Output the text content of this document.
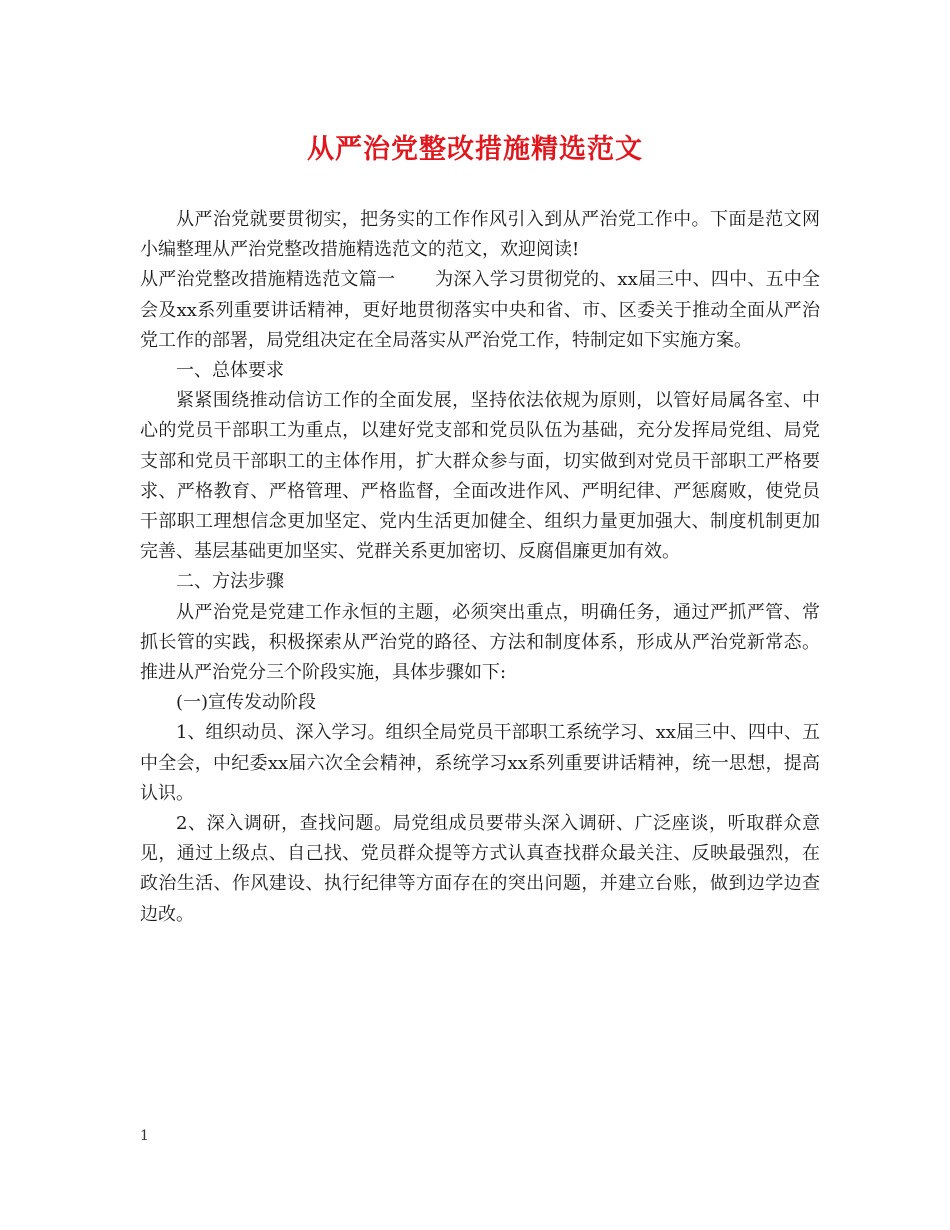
从严治党整改措施精选范文

从严治党就要贯彻实，把务实的工作作风引入到从严治党工作中。下面是范文网小编整理从严治党整改措施精选范文的范文，欢迎阅读!

从严治党整改措施精选范文篇一 为深入学习贯彻党的、xx届三中、四中、五中全会及xx系列重要讲话精神，更好地贯彻落实中央和省、市、区委关于推动全面从严治党工作的部署，局党组决定在全局落实从严治党工作，特制定如下实施方案。

一、总体要求

紧紧围绕推动信访工作的全面发展，坚持依法依规为原则，以管好局属各室、中心的党员干部职工为重点，以建好党支部和党员队伍为基础，充分发挥局党组、局党支部和党员干部职工的主体作用，扩大群众参与面，切实做到对党员干部职工严格要求、严格教育、严格管理、严格监督，全面改进作风、严明纪律、严惩腐败，使党员干部职工理想信念更加坚定、党内生活更加健全、组织力量更加强大、制度机制更加完善、基层基础更加坚实、党群关系更加密切、反腐倡廉更加有效。

二、方法步骤

从严治党是党建工作永恒的主题，必须突出重点，明确任务，通过严抓严管、常抓长管的实践，积极探索从严治党的路径、方法和制度体系，形成从严治党新常态。推进从严治党分三个阶段实施，具体步骤如下:

(一)宣传发动阶段

1、组织动员、深入学习。组织全局党员干部职工系统学习、xx届三中、四中、五中全会，中纪委xx届六次全会精神，系统学习xx系列重要讲话精神，统一思想，提高认识。

2、深入调研，查找问题。局党组成员要带头深入调研、广泛座谈，听取群众意见，通过上级点、自己找、党员群众提等方式认真查找群众最关注、反映最强烈，在政治生活、作风建设、执行纪律等方面存在的突出问题，并建立台账，做到边学边查边改。

1
